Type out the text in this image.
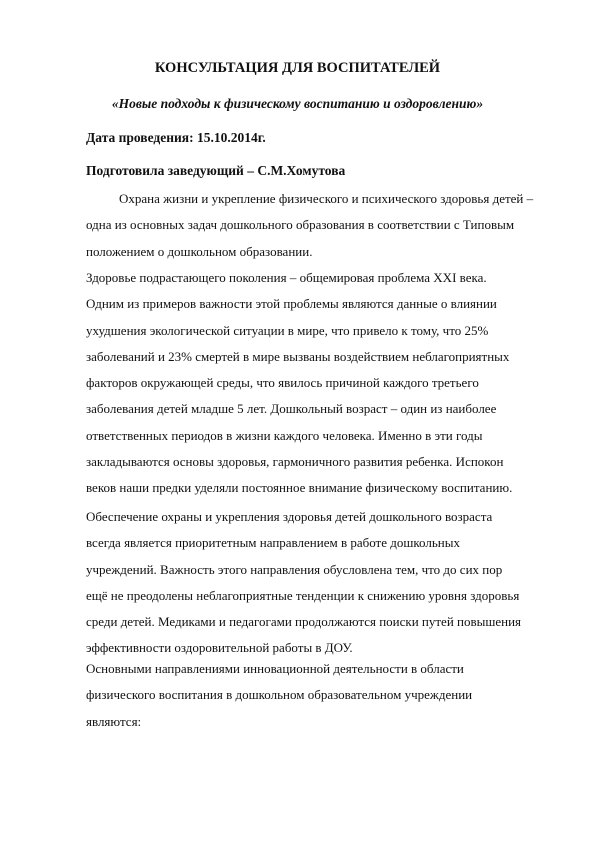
КОНСУЛЬТАЦИЯ ДЛЯ ВОСПИТАТЕЛЕЙ
«Новые подходы к физическому воспитанию и оздоровлению»
Дата проведения: 15.10.2014г.
Подготовила заведующий – С.М.Хомутова

Охрана жизни и укрепление физического и психического здоровья детей –
одна из основных задач дошкольного образования в соответствии с Типовым
положением о дошкольном образовании.

Здоровье подрастающего поколения – общемировая проблема XXI века.
Одним из примеров важности этой проблемы являются данные о влиянии
ухудшения экологической ситуации в мире, что привело к тому, что 25%
заболеваний и 23% смертей в мире вызваны воздействием неблагоприятных
факторов окружающей среды, что явилось причиной каждого третьего
заболевания детей младше 5 лет. Дошкольный возраст – один из наиболее
ответственных периодов в жизни каждого человека. Именно в эти годы
закладываются основы здоровья, гармоничного развития ребенка. Испокон
веков наши предки уделяли постоянное внимание физическому воспитанию.

Обеспечение охраны и укрепления здоровья детей дошкольного возраста
всегда является приоритетным направлением в работе дошкольных
учреждений. Важность этого направления обусловлена тем, что до сих пор
ещё не преодолены неблагоприятные тенденции к снижению уровня здоровья
среди детей. Медиками и педагогами продолжаются поиски путей повышения
эффективности оздоровительной работы в ДОУ.

Основными направлениями инновационной деятельности в области
физического воспитания в дошкольном образовательном учреждении
являются:
